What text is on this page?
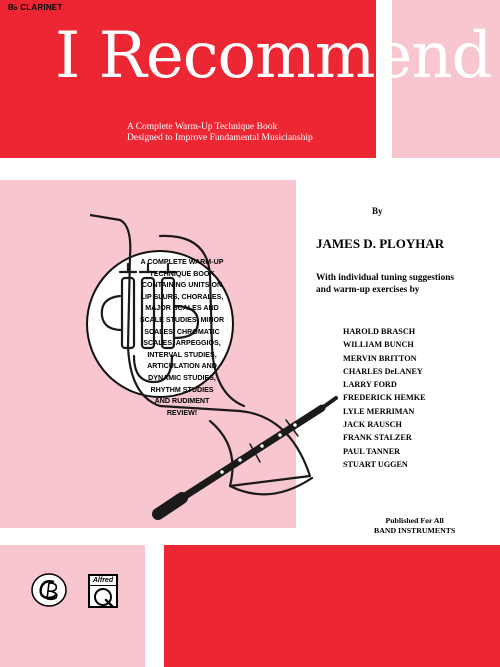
B♭ CLARINET
I Recommend
A Complete Warm-Up Technique Book
Designed to Improve Fundamental Musicianship
A COMPLETE WARM-UP
TECHNIQUE BOOK
CONTAINING UNITS ON
LIP SLURS, CHORALES,
MAJOR SCALES AND
SCALE STUDIES, MINOR
SCALES, CHROMATIC
SCALES, ARPEGGIOS,
INTERVAL STUDIES,
ARTICULATION AND
DYNAMIC STUDIES,
RHYTHM STUDIES
AND RUDIMENT
REVIEW!
By
JAMES D. PLOYHAR
With individual tuning suggestions
and warm-up exercises by
HAROLD BRASCH
WILLIAM BUNCH
MERVIN BRITTON
CHARLES DeLANEY
LARRY FORD
FREDERICK HEMKE
LYLE MERRIMAN
JACK RAUSCH
FRANK STALZER
PAUL TANNER
STUART UGGEN
Published For All
BAND INSTRUMENTS
Alfred
